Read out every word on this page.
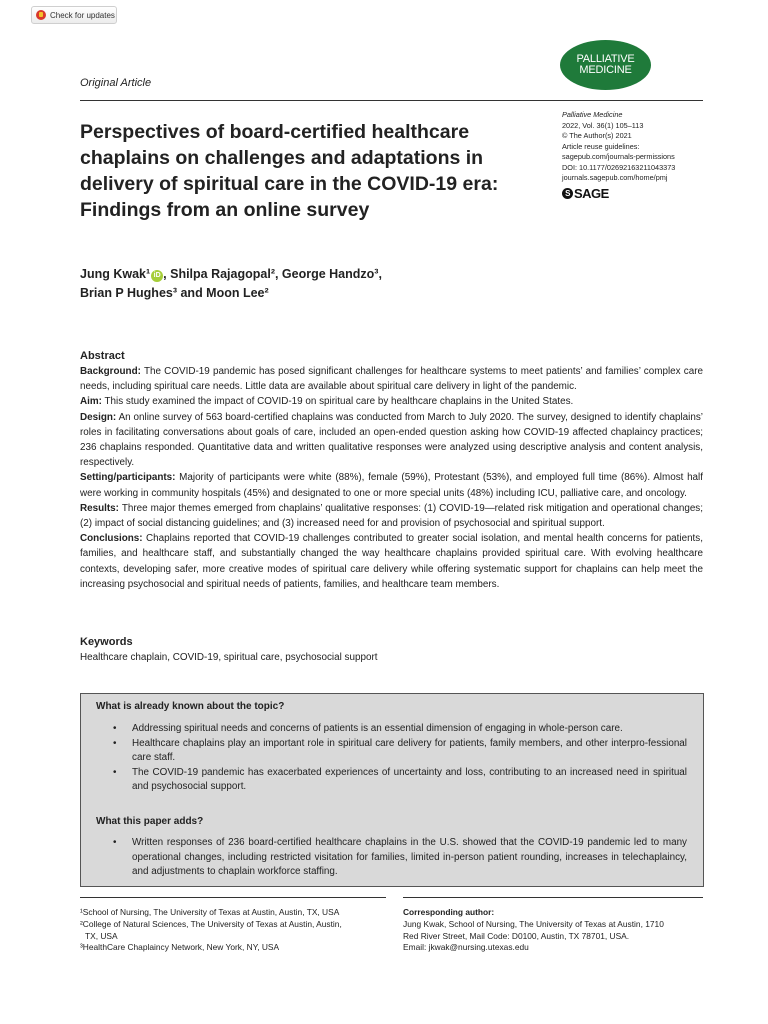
Check for updates
Original Article
PALLIATIVE
MEDICINE
Palliative Medicine
2022, Vol. 36(1) 105–113
© The Author(s) 2021
Article reuse guidelines:
sagepub.com/journals-permissions
DOI: 10.1177/02692163211043373
journals.sagepub.com/home/pmj
S SAGE
Perspectives of board-certified healthcare chaplains on challenges and adaptations in delivery of spiritual care in the COVID-19 era: Findings from an online survey
Jung Kwak¹ iD , Shilpa Rajagopal², George Handzo³,
Brian P Hughes³ and Moon Lee²
Abstract

Background: The COVID-19 pandemic has posed significant challenges for healthcare systems to meet patients’ and families’ complex care needs, including spiritual care needs. Little data are available about spiritual care delivery in light of the pandemic.

Aim: This study examined the impact of COVID-19 on spiritual care by healthcare chaplains in the United States.

Design: An online survey of 563 board-certified chaplains was conducted from March to July 2020. The survey, designed to identify chaplains’ roles in facilitating conversations about goals of care, included an open-ended question asking how COVID-19 affected chaplaincy practices; 236 chaplains responded. Quantitative data and written qualitative responses were analyzed using descriptive analysis and content analysis, respectively.

Setting/participants: Majority of participants were white (88%), female (59%), Protestant (53%), and employed full time (86%). Almost half were working in community hospitals (45%) and designated to one or more special units (48%) including ICU, palliative care, and oncology.

Results: Three major themes emerged from chaplains’ qualitative responses: (1) COVID-19—related risk mitigation and operational changes; (2) impact of social distancing guidelines; and (3) increased need for and provision of psychosocial and spiritual support.

Conclusions: Chaplains reported that COVID-19 challenges contributed to greater social isolation, and mental health concerns for patients, families, and healthcare staff, and substantially changed the way healthcare chaplains provided spiritual care. With evolving healthcare contexts, developing safer, more creative modes of spiritual care delivery while offering systematic support for chaplains can help meet the increasing psychosocial and spiritual needs of patients, families, and healthcare team members.

Keywords
Healthcare chaplain, COVID-19, spiritual care, psychosocial support
What is already known about the topic?
• Addressing spiritual needs and concerns of patients is an essential dimension of engaging in whole-person care.
• Healthcare chaplains play an important role in spiritual care delivery for patients, family members, and other interpro-fessional care staff.
• The COVID-19 pandemic has exacerbated experiences of uncertainty and loss, contributing to an increased need in spiritual and psychosocial support.
What this paper adds?
• Written responses of 236 board-certified healthcare chaplains in the U.S. showed that the COVID-19 pandemic led to many operational changes, including restricted visitation for families, limited in-person patient rounding, increases in telechaplaincy, and adjustments to chaplain workforce staffing.
¹School of Nursing, The University of Texas at Austin, Austin, TX, USA
²College of Natural Sciences, The University of Texas at Austin, Austin,
TX, USA
³HealthCare Chaplaincy Network, New York, NY, USA
Corresponding author:
Jung Kwak, School of Nursing, The University of Texas at Austin, 1710
Red River Street, Mail Code: D0100, Austin, TX 78701, USA.
Email: jkwak@nursing.utexas.edu
